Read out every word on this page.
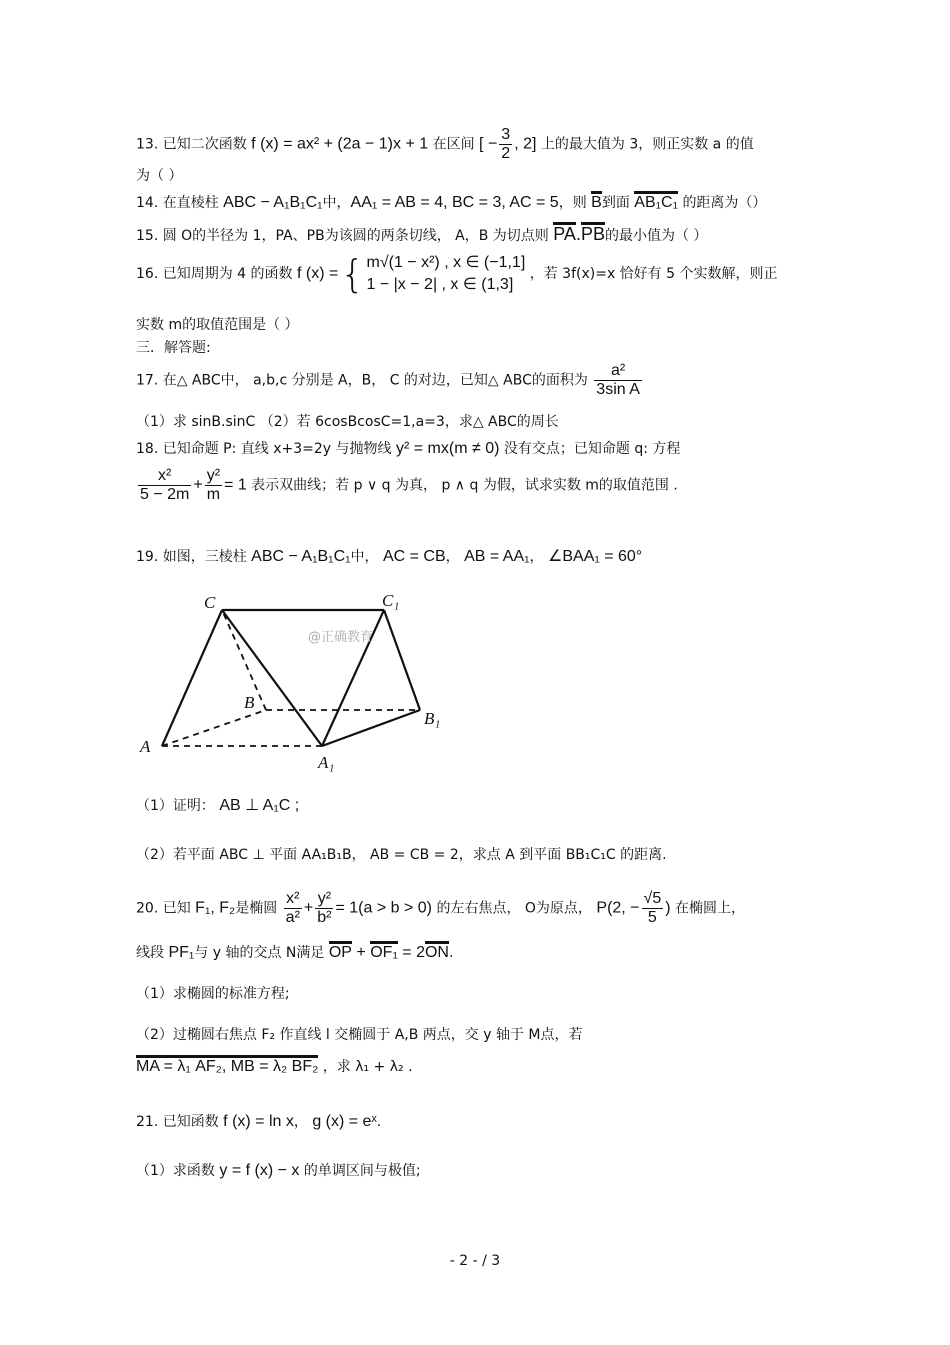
13. 已知二次函数 f (x) = ax² + (2a − 1)x + 1 在区间 [ − $\frac{3}{2}$ , 2] 上的最大值为 3，则正实数 a 的值
为（ ）
14. 在直棱柱 ABC − A₁B₁C₁中，AA₁ = AB = 4, BC = 3, AC = 5，则 B到面 AB₁C₁ 的距离为（）
15. 圆 O的半径为 1，PA、PB为该圆的两条切线， A，B 为切点则 PA.PB的最小值为（ ）
16. 已知周期为 4 的函数 f (x) ={ m√(1 − x²) , x ∈ (−1,1]
1 − |x − 2| , x ∈ (1,3]
，若 3f(x)=x 恰好有 5 个实数解，则正
实数 m的取值范围是（ ）
三．解答题:
17. 在△ ABC中， a,b,c 分别是 A，B， C 的对边，已知△ ABC的面积为 $\frac{\text{a²}}{\text{3sin A}}$
（1）求 sinB.sinC （2）若 6cosBcosC=1,a=3，求△ ABC的周长
18. 已知命题 P: 直线 x+3=2y 与抛物线 y² = mx(m ≠ 0) 没有交点；已知命题 q: 方程
$\frac{\text{x²}}{5 - 2m} + \frac{\text{y²}}{m} = 1$ 表示双曲线；若 p ∨ q 为真， p ∧ q 为假，试求实数 m的取值范围 .
19. 如图，三棱柱 ABC − A₁B₁C₁中， AC = CB， AB = AA₁， ∠BAA₁ = 60°
@正确教育
C	C₁
B
B₁
A
A₁
（1）证明： AB ⊥ A₁C ;
（2）若平面 ABC ⊥ 平面 AA₁B₁B， AB = CB = 2，求点 A 到平面 BB₁C₁C 的距离.
20. 已知 F₁, F₂是椭圆 $\frac{\text{x²}}{\text{a²}} + \frac{\text{y²}}{\text{b²}} = 1(a > b > 0)$ 的左右焦点， O为原点， P(2, − $\frac{√5}{5}$ ) 在椭圆上，
线段 PF₁与 y 轴的交点 N满足 OP + OF₁ = 2ON.
（1）求椭圆的标准方程;
（2）过椭圆右焦点 F₂ 作直线 l 交椭圆于 A,B 两点，交 y 轴于 M点，若
MA = λ₁ AF₂, MB = λ₂ BF₂ ，求 λ₁ + λ₂ .
21. 已知函数 f (x) = ln x， g (x) = eˣ.
（1）求函数 y = f (x) − x 的单调区间与极值;
- 2 - / 3
